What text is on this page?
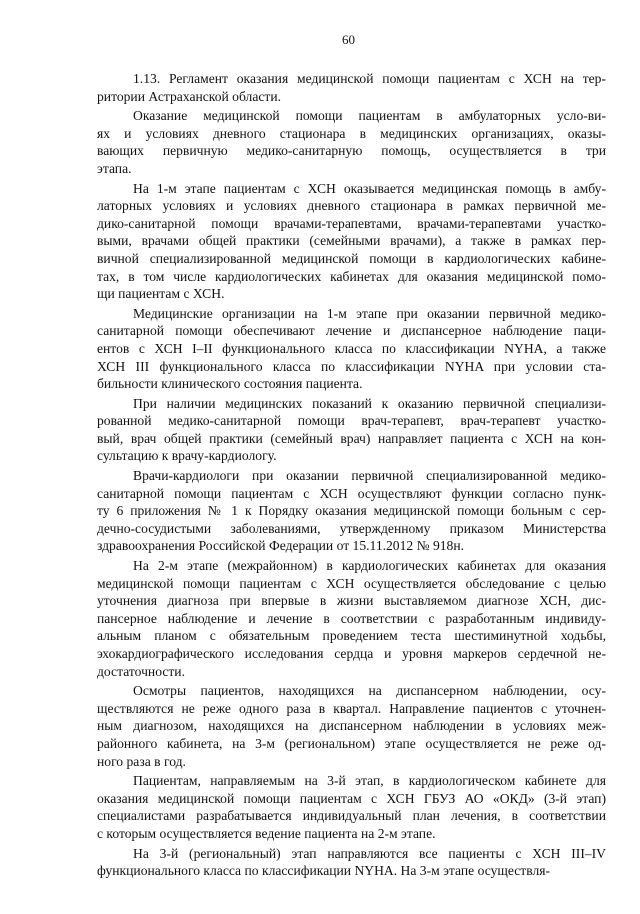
60
1.13. Регламент оказания медицинской помощи пациентам с ХСН на тер-
ритории Астраханской области.
Оказание медицинской помощи пациентам в амбулаторных усло-ви-
ях и условиях дневного стационара в медицинских организациях, оказы-
вающих первичную медико-санитарную помощь, осуществляется в три
этапа.
На 1-м этапе пациентам с ХСН оказывается медицинская помощь в амбу-
латорных условиях и условиях дневного стационара в рамках первичной ме-
дико-санитарной помощи врачами-терапевтами, врачами-терапевтами участко-
выми, врачами общей практики (семейными врачами), а также в рамках пер-
вичной специализированной медицинской помощи в кардиологических кабине-
тах, в том числе кардиологических кабинетах для оказания медицинской помо-
щи пациентам с ХСН.
Медицинские организации на 1-м этапе при оказании первичной медико-
санитарной помощи обеспечивают лечение и диспансерное наблюдение паци-
ентов с ХСН I–II функционального класса по классификации NYHA, а также
ХСН III функционального класса по классификации NYHA при условии ста-
бильности клинического состояния пациента.
При наличии медицинских показаний к оказанию первичной специализи-
рованной медико-санитарной помощи врач-терапевт, врач-терапевт участко-
вый, врач общей практики (семейный врач) направляет пациента с ХСН на кон-
сультацию к врачу-кардиологу.
Врачи-кардиологи при оказании первичной специализированной медико-
санитарной помощи пациентам с ХСН осуществляют функции согласно пунк-
ту 6 приложения № 1 к Порядку оказания медицинской помощи больным с сер-
дечно-сосудистыми заболеваниями, утвержденному приказом Министерства
здравоохранения Российской Федерации от 15.11.2012 № 918н.
На 2-м этапе (межрайонном) в кардиологических кабинетах для оказания
медицинской помощи пациентам с ХСН осуществляется обследование с целью
уточнения диагноза при впервые в жизни выставляемом диагнозе ХСН, дис-
пансерное наблюдение и лечение в соответствии с разработанным индивиду-
альным планом с обязательным проведением теста шестиминутной ходьбы,
эхокардиографического исследования сердца и уровня маркеров сердечной не-
достаточности.
Осмотры пациентов, находящихся на диспансерном наблюдении, осу-
ществляются не реже одного раза в квартал. Направление пациентов с уточнен-
ным диагнозом, находящихся на диспансерном наблюдении в условиях меж-
районного кабинета, на 3-м (региональном) этапе осуществляется не реже од-
ного раза в год.
Пациентам, направляемым на 3-й этап, в кардиологическом кабинете для
оказания медицинской помощи пациентам с ХСН ГБУЗ АО «ОКД» (3-й этап)
специалистами разрабатывается индивидуальный план лечения, в соответствии
с которым осуществляется ведение пациента на 2-м этапе.
На 3-й (региональный) этап направляются все пациенты с ХСН III–IV
функционального класса по классификации NYHA. На 3-м этапе осуществля-
